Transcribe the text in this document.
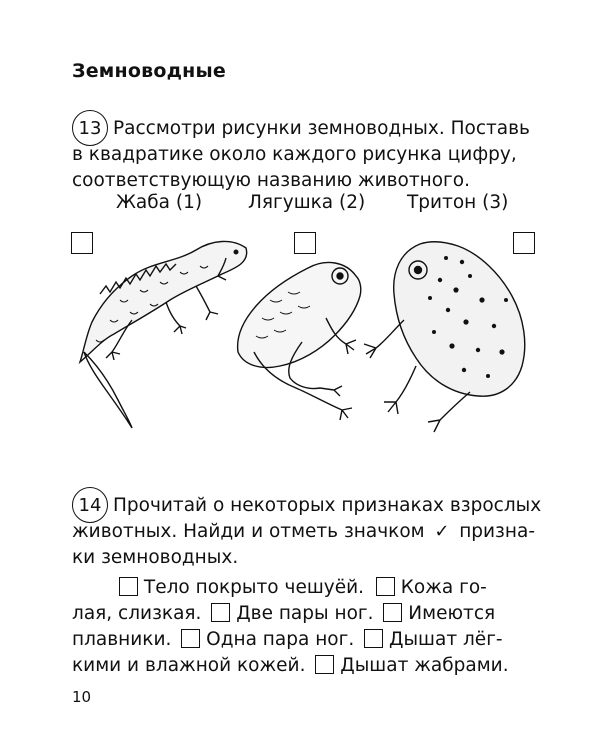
Земноводные
13 Рассмотри рисунки земноводных. Поставь
в квадратике около каждого рисунка цифру,
соответствующую названию животного.
Жаба (1) Лягушка (2) Тритон (3)
14 Прочитай о некоторых признаках взрослых
животных. Найди и отметь значком ✓ призна-
ки земноводных.
Тело покрыто чешуёй. Кожа го-
лая, слизкая. Две пары ног. Имеются
плавники. Одна пара ног. Дышат лёг-
кими и влажной кожей. Дышат жабрами.
10
